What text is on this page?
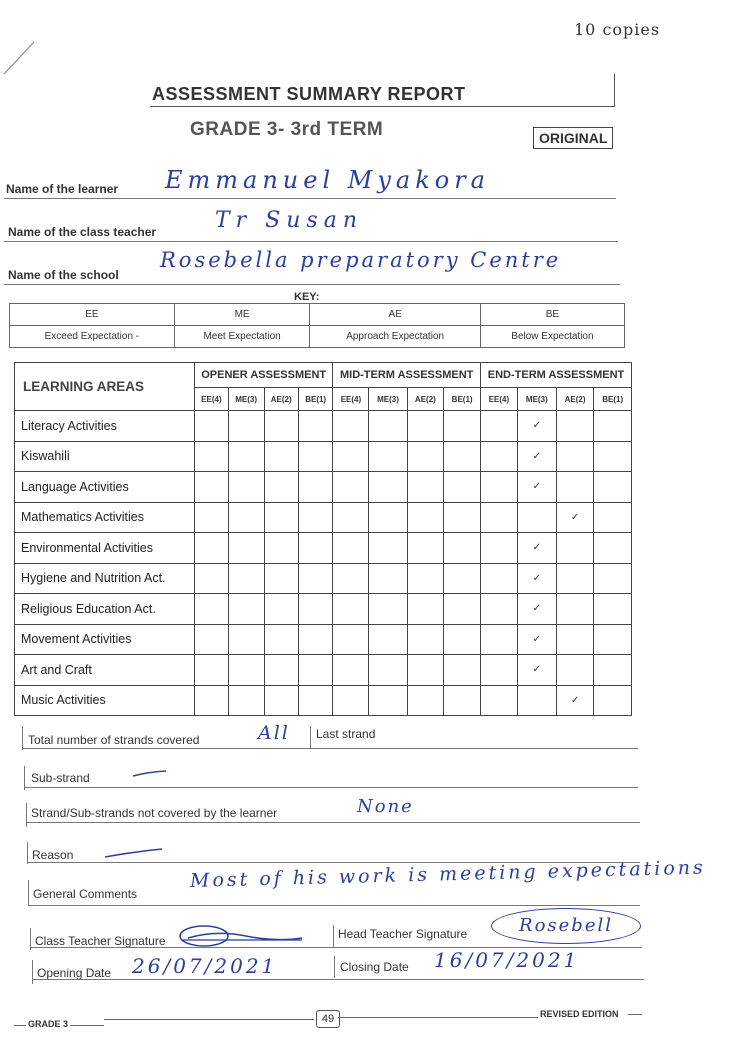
10 copies
ASSESSMENT SUMMARY REPORT
GRADE 3- 3rd TERM	ORIGINAL
Name of the learner Emmanuel Myakora
Name of the class teacher	Tr Susan
Name of the school
Rosebella preparatory Centre
KEY:
EE	ME	AE	BE
Exceed Expectation -	Meet Expectation	Approach Expectation	Below Expectation
LEARNING AREAS	OPENER ASSESSMENT				MID-TERM ASSESSMENT				END-TERM ASSESSMENT			
	EE(4)	ME(3)	AE(2)	BE(1)	EE(4)	ME(3)	AE(2)	BE(1)	EE(4)	ME(3)	AE(2)	BE(1)
Literacy Activities										✓		
Kiswahili										✓		
Language Activities										✓		
Mathematics Activities											✓	
Environmental Activities										✓		
Hygiene and Nutrition Act.										✓		
Religious Education Act.										✓		
Movement Activities										✓		
Art and Craft										✓		
Music Activities											✓	
Total number of strands covered	All Last strand
Sub-strand
Strand/Sub-strands not covered by the learner	None
Reason
General Comments
Most of his work is meeting expectations
Class Teacher Signature	Head Teacher Signature	Rosebell
Opening Date 26/07/2021	Closing Date 16/07/2021
GRADE 3	49	REVISED EDITION
